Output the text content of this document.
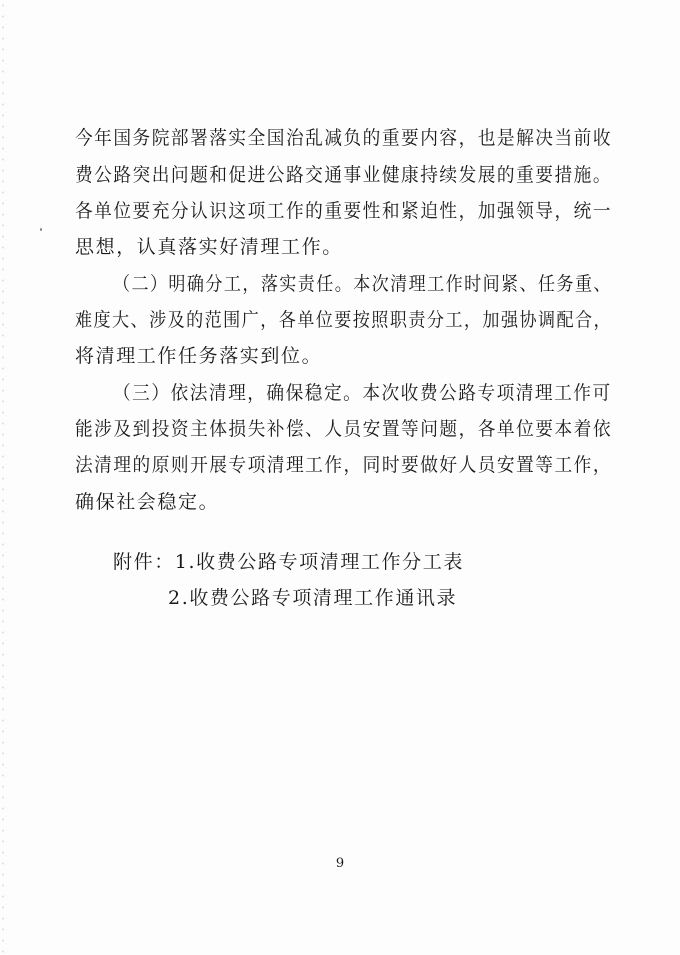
今年国务院部署落实全国治乱减负的重要内容，也是解决当前收
费公路突出问题和促进公路交通事业健康持续发展的重要措施。
各单位要充分认识这项工作的重要性和紧迫性，加强领导，统一
思想，认真落实好清理工作。
（二）明确分工，落实责任。本次清理工作时间紧、任务重、
难度大、涉及的范围广，各单位要按照职责分工，加强协调配合，
将清理工作任务落实到位。
（三）依法清理，确保稳定。本次收费公路专项清理工作可
能涉及到投资主体损失补偿、人员安置等问题，各单位要本着依
法清理的原则开展专项清理工作，同时要做好人员安置等工作，
确保社会稳定。
附件：1.收费公路专项清理工作分工表
2.收费公路专项清理工作通讯录
9
